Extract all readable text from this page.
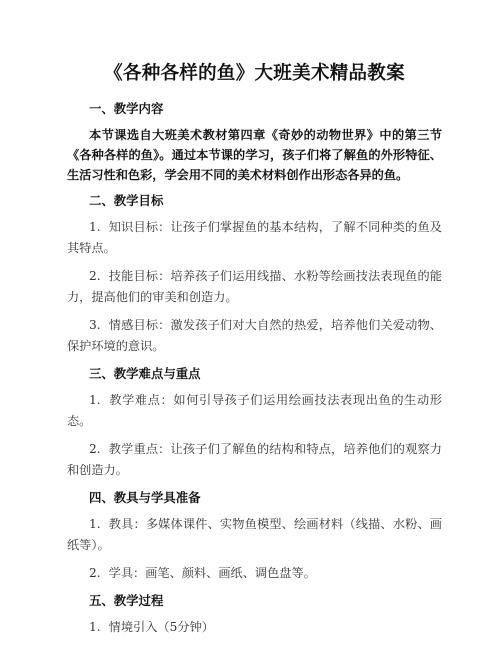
《各种各样的鱼》大班美术精品教案
一、教学内容
本节课选自大班美术教材第四章《奇妙的动物世界》中的第三节《各种各样的鱼》。通过本节课的学习，孩子们将了解鱼的外形特征、生活习性和色彩，学会用不同的美术材料创作出形态各异的鱼。
二、教学目标
1. 知识目标：让孩子们掌握鱼的基本结构，了解不同种类的鱼及其特点。
2. 技能目标：培养孩子们运用线描、水粉等绘画技法表现鱼的能力，提高他们的审美和创造力。
3. 情感目标：激发孩子们对大自然的热爱，培养他们关爱动物、保护环境的意识。
三、教学难点与重点
1. 教学难点：如何引导孩子们运用绘画技法表现出鱼的生动形态。
2. 教学重点：让孩子们了解鱼的结构和特点，培养他们的观察力和创造力。
四、教具与学具准备
1. 教具：多媒体课件、实物鱼模型、绘画材料（线描、水粉、画纸等）。
2. 学具：画笔、颜料、画纸、调色盘等。
五、教学过程
1. 情境引入（5分钟）
